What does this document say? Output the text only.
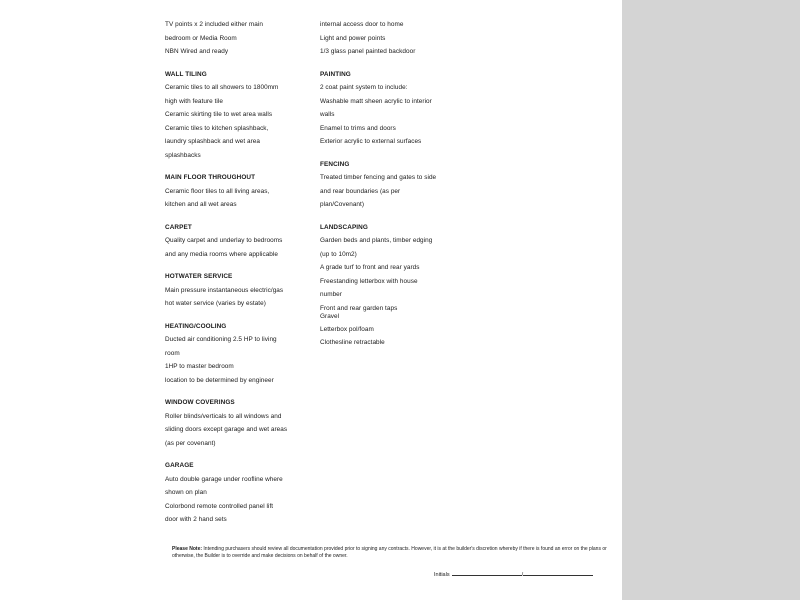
TV points x 2 included either main
bedroom or Media Room
NBN Wired and ready
WALL TILING
Ceramic tiles to all showers to 1800mm
high with feature tile
Ceramic skirting tile to wet area walls
Ceramic tiles to kitchen splashback,
laundry splashback and wet area
splashbacks
MAIN FLOOR THROUGHOUT
Ceramic floor tiles to all living areas,
kitchen and all wet areas
CARPET
Quality carpet and underlay to bedrooms
and any media rooms where applicable
HOTWATER SERVICE
Main pressure instantaneous electric/gas
hot water service (varies by estate)
HEATING/COOLING
Ducted air conditioning 2.5 HP to living
room
1HP to master bedroom
location to be determined by engineer
WINDOW COVERINGS
Roller blinds/verticals to all windows and
sliding doors except garage and wet areas
(as per covenant)
GARAGE
Auto double garage under roofline where
shown on plan
Colorbond remote controlled panel lift
door with 2 hand sets
internal access door to home
Light and power points
1/3 glass panel painted backdoor
PAINTING
2 coat paint system to include:
Washable matt sheen acrylic to interior
walls
Enamel to trims and doors
Exterior acrylic to external surfaces
FENCING
Treated timber fencing and gates to side
and rear boundaries (as per
plan/Covenant)
LANDSCAPING
Garden beds and plants, timber edging
(up to 10m2)
A grade turf to front and rear yards
Freestanding letterbox with house
number
Front and rear garden taps
Gravel
Letterbox pol/foam
Clothesline retractable
Please Note: Intending purchasers should review all documentation provided prior to signing any contracts. However, it is at the builder's discretion whereby if there is found an error on the plans or otherwise, the Builder is to override and make decisions on behalf of the owner.
Initials	/
